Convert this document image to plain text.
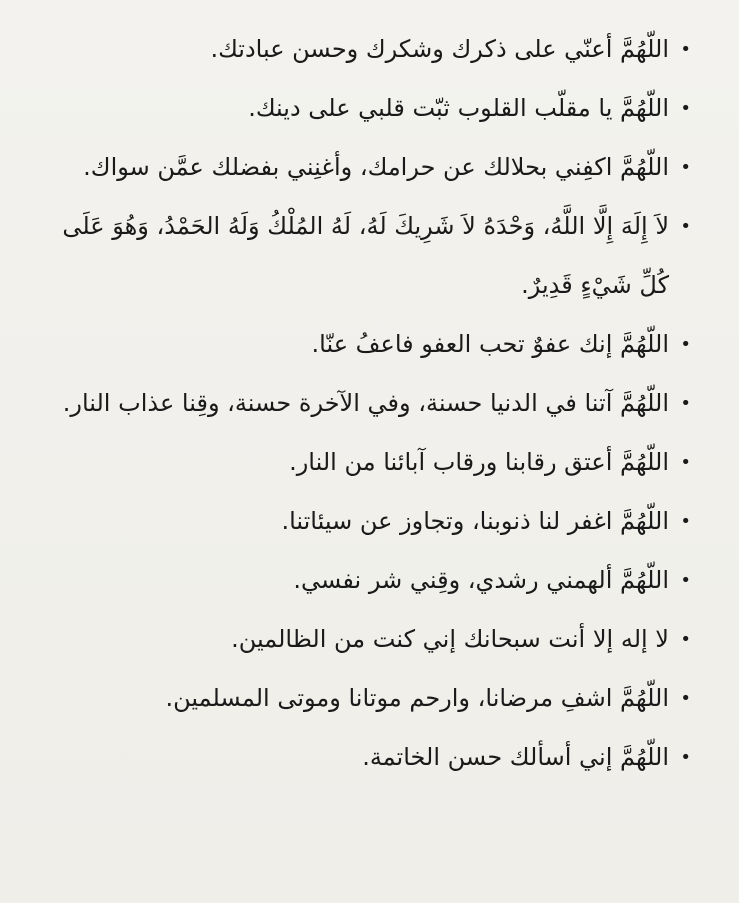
•
اللّهُمَّ أعنّي على ذكرك وشكرك وحسن عبادتك.
•
اللّهُمَّ يا مقلّب القلوب ثبّت قلبي على دينك.
•
اللّهُمَّ اكفِني بحلالك عن حرامك، وأغنِني بفضلك عمَّن سواك.
•
لاَ إِلَهَ إِلَّا اللَّهُ، وَحْدَهُ لاَ شَرِيكَ لَهُ، لَهُ المُلْكُ وَلَهُ الحَمْدُ، وَهُوَ عَلَى كُلِّ شَيْءٍ قَدِيرٌ.
•
اللّهُمَّ إنك عفوٌ تحب العفو فاعفُ عنّا.
•
اللّهُمَّ آتنا في الدنيا حسنة، وفي الآخرة حسنة، وقِنا عذاب النار.
•
اللّهُمَّ أعتق رقابنا ورقاب آبائنا من النار.
•
اللّهُمَّ اغفر لنا ذنوبنا، وتجاوز عن سيئاتنا.
•
اللّهُمَّ ألهمني رشدي، وقِني شر نفسي.
•
لا إله إلا أنت سبحانك إني كنت من الظالمين.
•
اللّهُمَّ اشفِ مرضانا، وارحم موتانا وموتى المسلمين.
•
اللّهُمَّ إني أسألك حسن الخاتمة.
